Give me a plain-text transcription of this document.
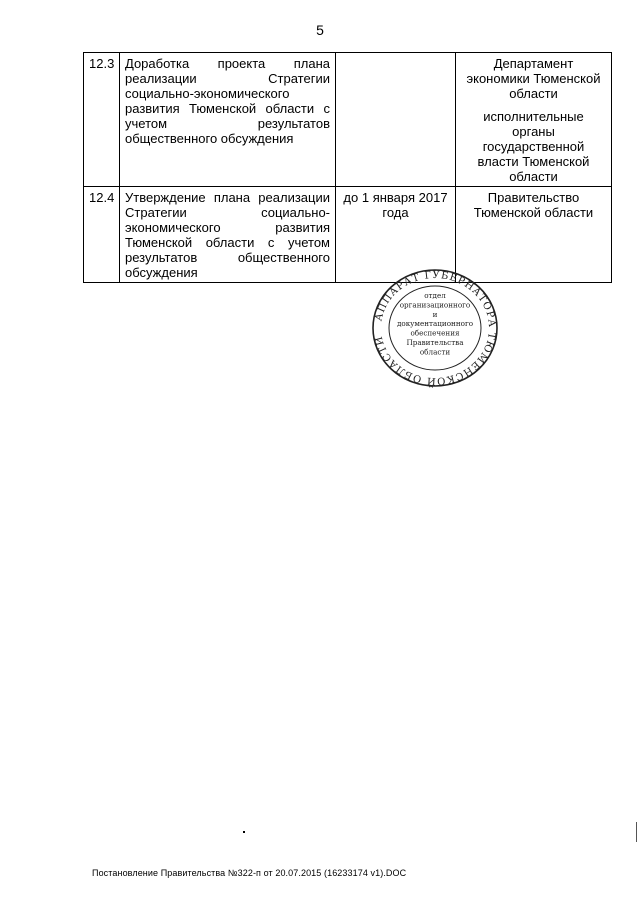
5
12.3	Доработка проекта плана реализации Стратегии социально-экономического развития Тюменской области с учетом результатов общественного обсуждения		Департамент экономики Тюменской области

исполнительные органы государственной власти Тюменской области

12.4	Утверждение плана реализации Стратегии социально-экономического развития Тюменской области с учетом результатов общественного обсуждения	до 1 января 2017 года	Правительство Тюменской области

АППАРАТ ГУБЕРНАТОРА ТЮМЕНСКОЙ ОБЛАСТИ
отдел
организационного
и
документационного
обеспечения
Правительства
области
Постановление Правительства №322-п от 20.07.2015 (16233174 v1).DOC
